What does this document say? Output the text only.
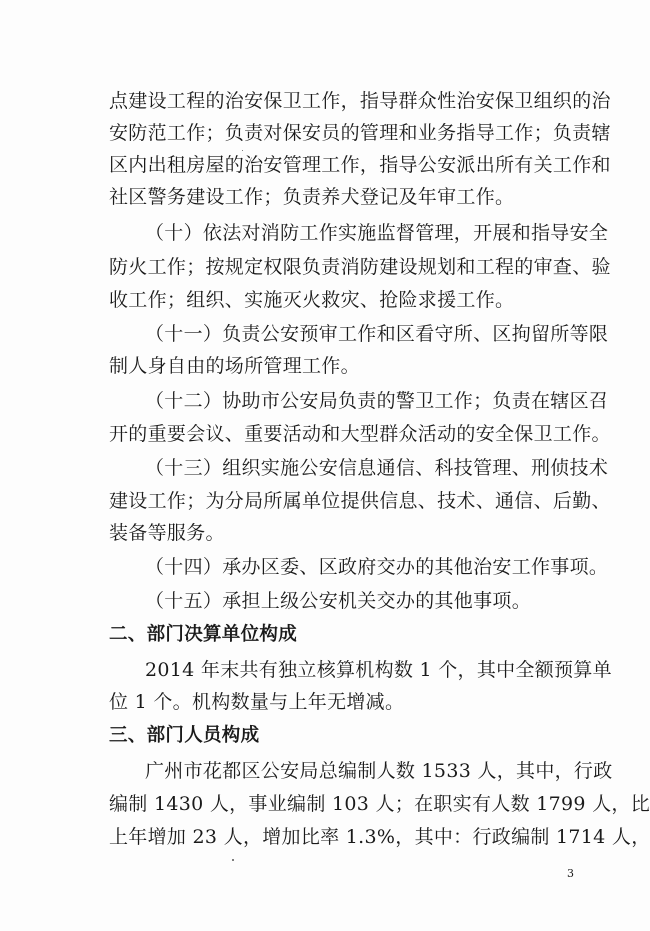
点建设工程的治安保卫工作，指导群众性治安保卫组织的治
安防范工作；负责对保安员的管理和业务指导工作；负责辖
区内出租房屋的治安管理工作，指导公安派出所有关工作和
社区警务建设工作；负责养犬登记及年审工作。
（十）依法对消防工作实施监督管理，开展和指导安全
防火工作；按规定权限负责消防建设规划和工程的审查、验
收工作；组织、实施灭火救灾、抢险求援工作。
（十一）负责公安预审工作和区看守所、区拘留所等限
制人身自由的场所管理工作。
（十二）协助市公安局负责的警卫工作；负责在辖区召
开的重要会议、重要活动和大型群众活动的安全保卫工作。
（十三）组织实施公安信息通信、科技管理、刑侦技术
建设工作；为分局所属单位提供信息、技术、通信、后勤、
装备等服务。
（十四）承办区委、区政府交办的其他治安工作事项。
（十五）承担上级公安机关交办的其他事项。
二、部门决算单位构成
2014 年末共有独立核算机构数 1 个，其中全额预算单
位 1 个。机构数量与上年无增减。
三、部门人员构成
广州市花都区公安局总编制人数 1533 人，其中，行政
编制 1430 人，事业编制 103 人；在职实有人数 1799 人，比
上年增加 23 人，增加比率 1.3%，其中：行政编制 1714 人，
3
